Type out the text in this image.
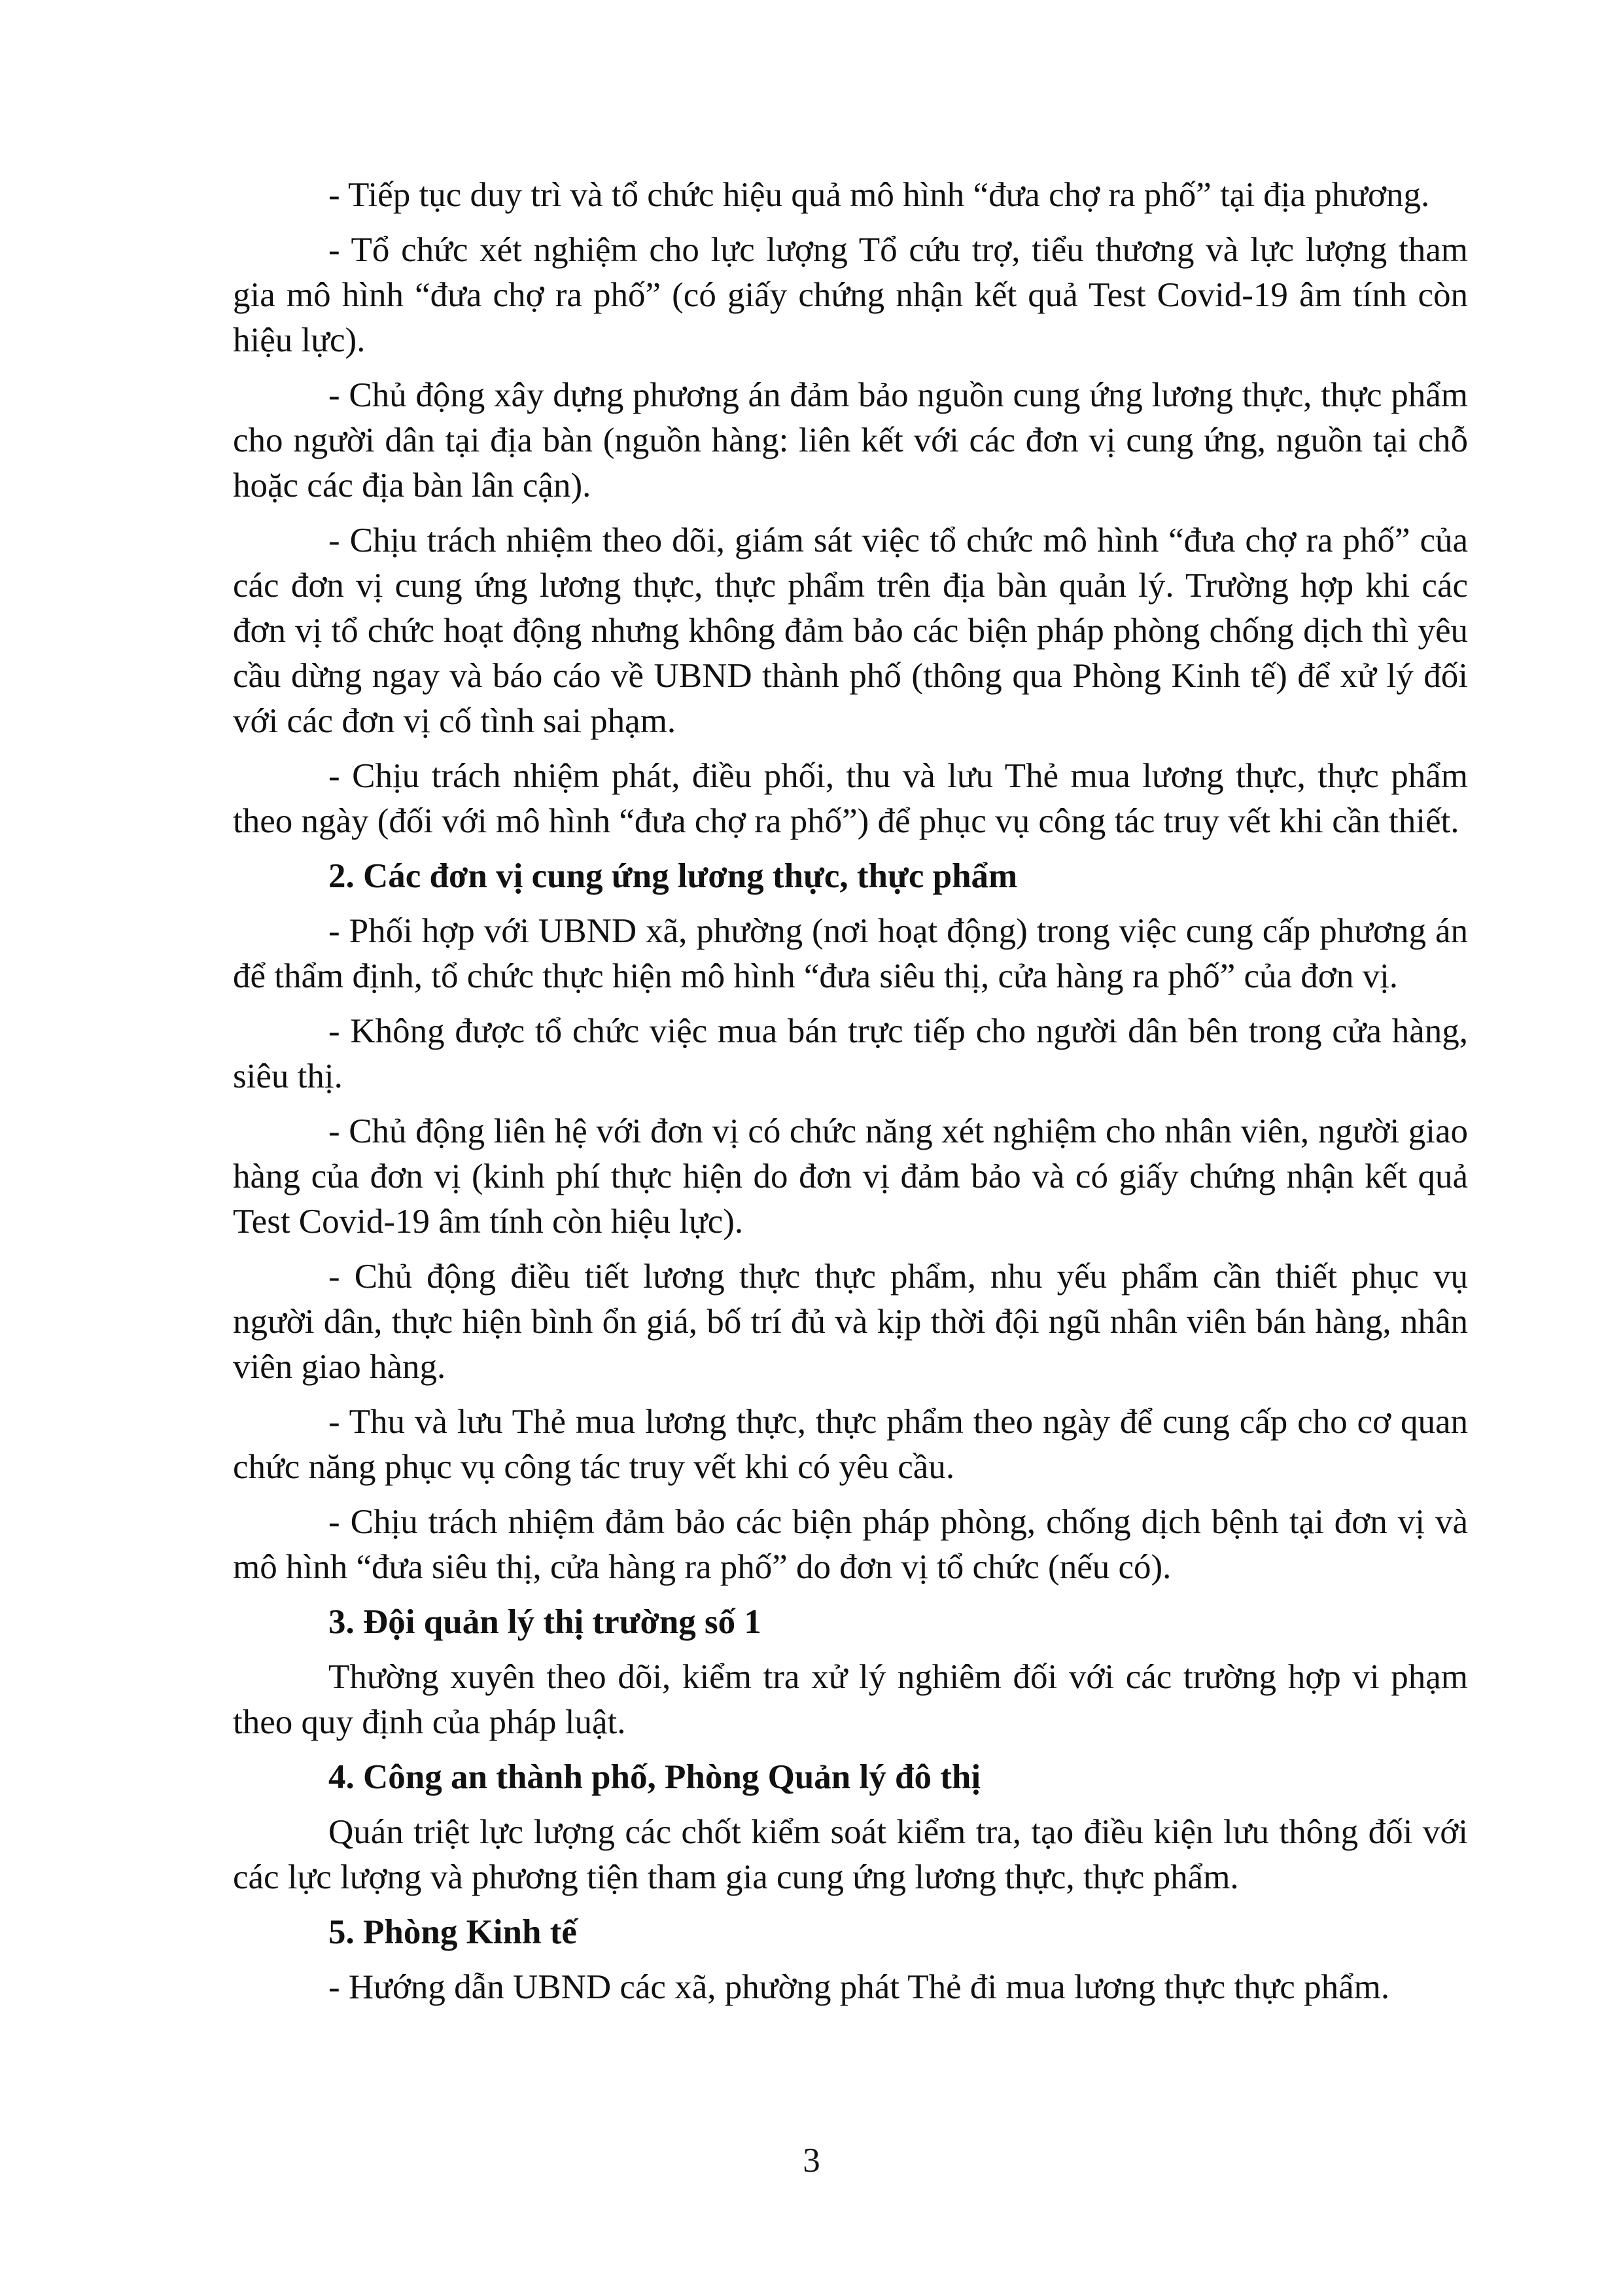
- Tiếp tục duy trì và tổ chức hiệu quả mô hình “đưa chợ ra phố” tại địa phương.

- Tổ chức xét nghiệm cho lực lượng Tổ cứu trợ, tiểu thương và lực lượng tham gia mô hình “đưa chợ ra phố” (có giấy chứng nhận kết quả Test Covid-19 âm tính còn hiệu lực).

- Chủ động xây dựng phương án đảm bảo nguồn cung ứng lương thực, thực phẩm cho người dân tại địa bàn (nguồn hàng: liên kết với các đơn vị cung ứng, nguồn tại chỗ hoặc các địa bàn lân cận).

- Chịu trách nhiệm theo dõi, giám sát việc tổ chức mô hình “đưa chợ ra phố” của các đơn vị cung ứng lương thực, thực phẩm trên địa bàn quản lý. Trường hợp khi các đơn vị tổ chức hoạt động nhưng không đảm bảo các biện pháp phòng chống dịch thì yêu cầu dừng ngay và báo cáo về UBND thành phố (thông qua Phòng Kinh tế) để xử lý đối với các đơn vị cố tình sai phạm.

- Chịu trách nhiệm phát, điều phối, thu và lưu Thẻ mua lương thực, thực phẩm theo ngày (đối với mô hình “đưa chợ ra phố”) để phục vụ công tác truy vết khi cần thiết.

2. Các đơn vị cung ứng lương thực, thực phẩm

- Phối hợp với UBND xã, phường (nơi hoạt động) trong việc cung cấp phương án để thẩm định, tổ chức thực hiện mô hình “đưa siêu thị, cửa hàng ra phố” của đơn vị.

- Không được tổ chức việc mua bán trực tiếp cho người dân bên trong cửa hàng, siêu thị.

- Chủ động liên hệ với đơn vị có chức năng xét nghiệm cho nhân viên, người giao hàng của đơn vị (kinh phí thực hiện do đơn vị đảm bảo và có giấy chứng nhận kết quả Test Covid-19 âm tính còn hiệu lực).

- Chủ động điều tiết lương thực thực phẩm, nhu yếu phẩm cần thiết phục vụ người dân, thực hiện bình ổn giá, bố trí đủ và kịp thời đội ngũ nhân viên bán hàng, nhân viên giao hàng.

- Thu và lưu Thẻ mua lương thực, thực phẩm theo ngày để cung cấp cho cơ quan chức năng phục vụ công tác truy vết khi có yêu cầu.

- Chịu trách nhiệm đảm bảo các biện pháp phòng, chống dịch bệnh tại đơn vị và mô hình “đưa siêu thị, cửa hàng ra phố” do đơn vị tổ chức (nếu có).

3. Đội quản lý thị trường số 1

Thường xuyên theo dõi, kiểm tra xử lý nghiêm đối với các trường hợp vi phạm theo quy định của pháp luật.

4. Công an thành phố, Phòng Quản lý đô thị

Quán triệt lực lượng các chốt kiểm soát kiểm tra, tạo điều kiện lưu thông đối với các lực lượng và phương tiện tham gia cung ứng lương thực, thực phẩm.

5. Phòng Kinh tế

- Hướng dẫn UBND các xã, phường phát Thẻ đi mua lương thực thực phẩm.

3
